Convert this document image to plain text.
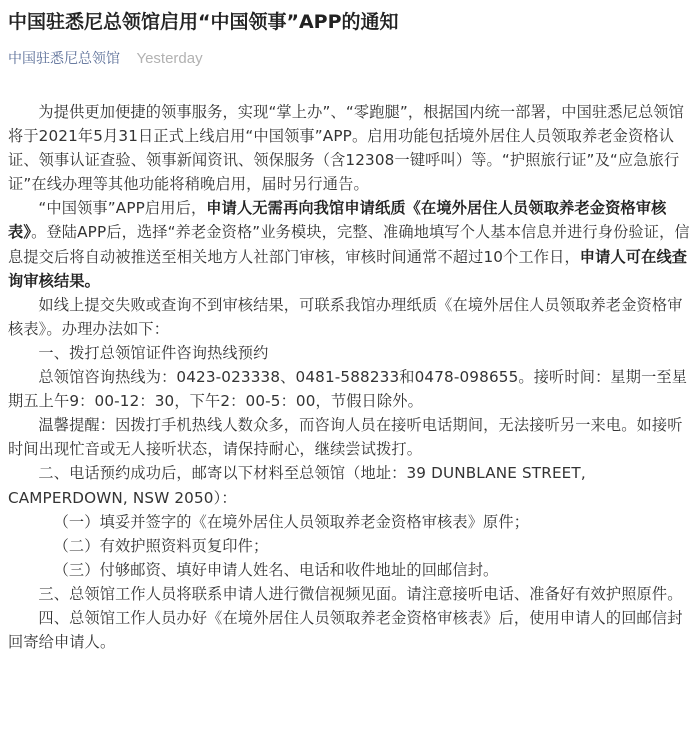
中国驻悉尼总领馆启用“中国领事”APP的通知
中国驻悉尼总领馆 Yesterday

为提供更加便捷的领事服务，实现“掌上办”、“零跑腿”，根据国内统一部署，中国驻悉尼总领馆将于2021年5月31日正式上线启用“中国领事”APP。启用功能包括境外居住人员领取养老金资格认证、领事认证查验、领事新闻资讯、领保服务（含12308一键呼叫）等。“护照旅行证”及“应急旅行证”在线办理等其他功能将稍晚启用，届时另行通告。

“中国领事”APP启用后，申请人无需再向我馆申请纸质《在境外居住人员领取养老金资格审核表》。登陆APP后，选择“养老金资格”业务模块，完整、准确地填写个人基本信息并进行身份验证，信息提交后将自动被推送至相关地方人社部门审核，审核时间通常不超过10个工作日，申请人可在线查询审核结果。

如线上提交失败或查询不到审核结果，可联系我馆办理纸质《在境外居住人员领取养老金资格审核表》。办理办法如下：

一、拨打总领馆证件咨询热线预约

总领馆咨询热线为：0423-023338、0481-588233和0478-098655。接听时间：星期一至星期五上午9：00-12：30，下午2：00-5：00，节假日除外。

温馨提醒：因拨打手机热线人数众多，而咨询人员在接听电话期间，无法接听另一来电。如接听时间出现忙音或无人接听状态，请保持耐心，继续尝试拨打。

二、电话预约成功后，邮寄以下材料至总领馆（地址：39 DUNBLANE STREET, CAMPERDOWN, NSW 2050）：

（一）填妥并签字的《在境外居住人员领取养老金资格审核表》原件；

（二）有效护照资料页复印件；

（三）付够邮资、填好申请人姓名、电话和收件地址的回邮信封。

三、总领馆工作人员将联系申请人进行微信视频见面。请注意接听电话、准备好有效护照原件。

四、总领馆工作人员办好《在境外居住人员领取养老金资格审核表》后，使用申请人的回邮信封回寄给申请人。
